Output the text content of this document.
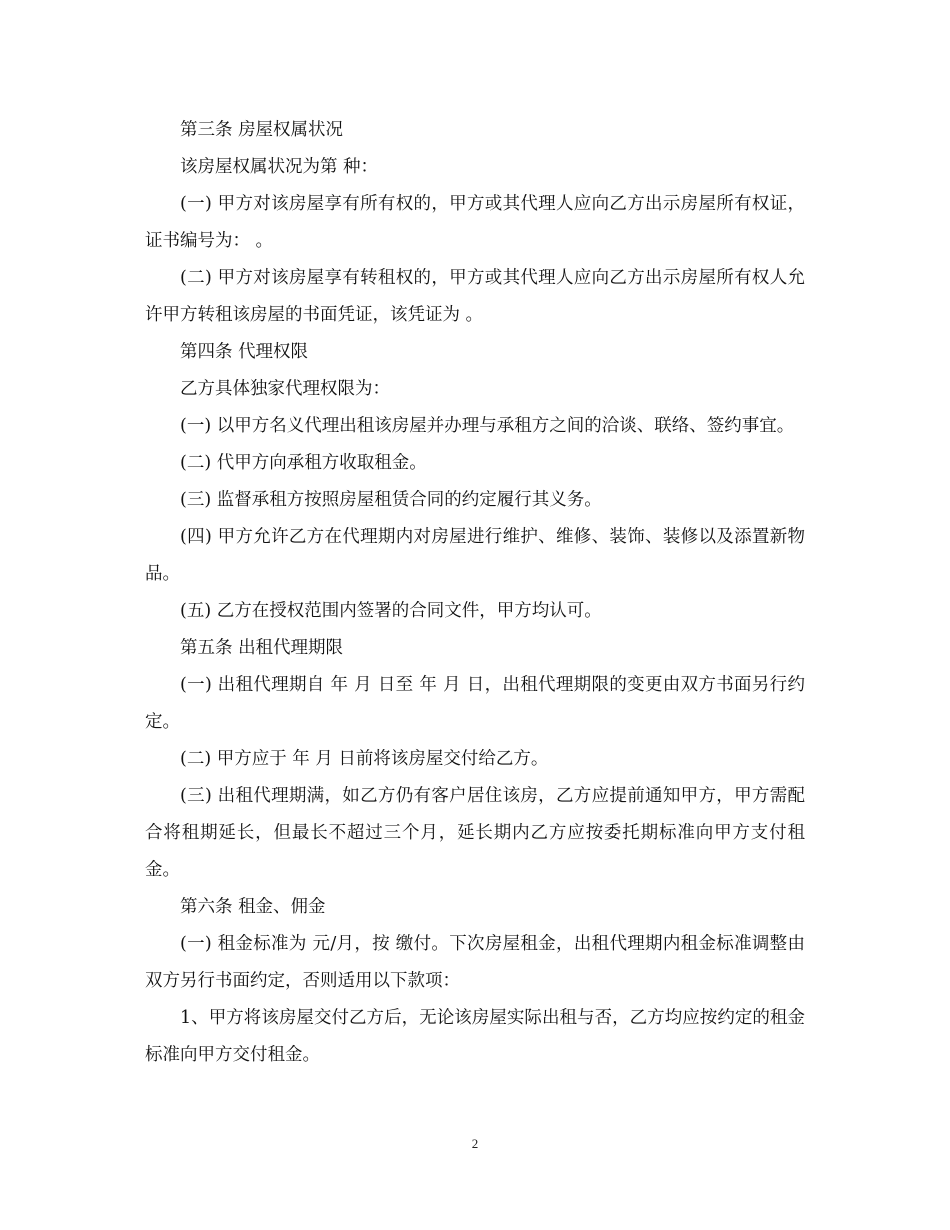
第三条 房屋权属状况

该房屋权属状况为第 种：

(一) 甲方对该房屋享有所有权的，甲方或其代理人应向乙方出示房屋所有权证，证书编号为： 。

(二) 甲方对该房屋享有转租权的，甲方或其代理人应向乙方出示房屋所有权人允许甲方转租该房屋的书面凭证，该凭证为 。

第四条 代理权限

乙方具体独家代理权限为：

(一) 以甲方名义代理出租该房屋并办理与承租方之间的洽谈、联络、签约事宜。

(二) 代甲方向承租方收取租金。

(三) 监督承租方按照房屋租赁合同的约定履行其义务。

(四) 甲方允许乙方在代理期内对房屋进行维护、维修、装饰、装修以及添置新物品。

(五) 乙方在授权范围内签署的合同文件，甲方均认可。

第五条 出租代理期限

(一) 出租代理期自 年 月 日至 年 月 日，出租代理期限的变更由双方书面另行约定。

(二) 甲方应于 年 月 日前将该房屋交付给乙方。

(三) 出租代理期满，如乙方仍有客户居住该房，乙方应提前通知甲方，甲方需配合将租期延长，但最长不超过三个月，延长期内乙方应按委托期标准向甲方支付租金。

第六条 租金、佣金

(一) 租金标准为 元/月，按 缴付。下次房屋租金，出租代理期内租金标准调整由双方另行书面约定，否则适用以下款项：

1、甲方将该房屋交付乙方后，无论该房屋实际出租与否，乙方均应按约定的租金标准向甲方交付租金。

2
